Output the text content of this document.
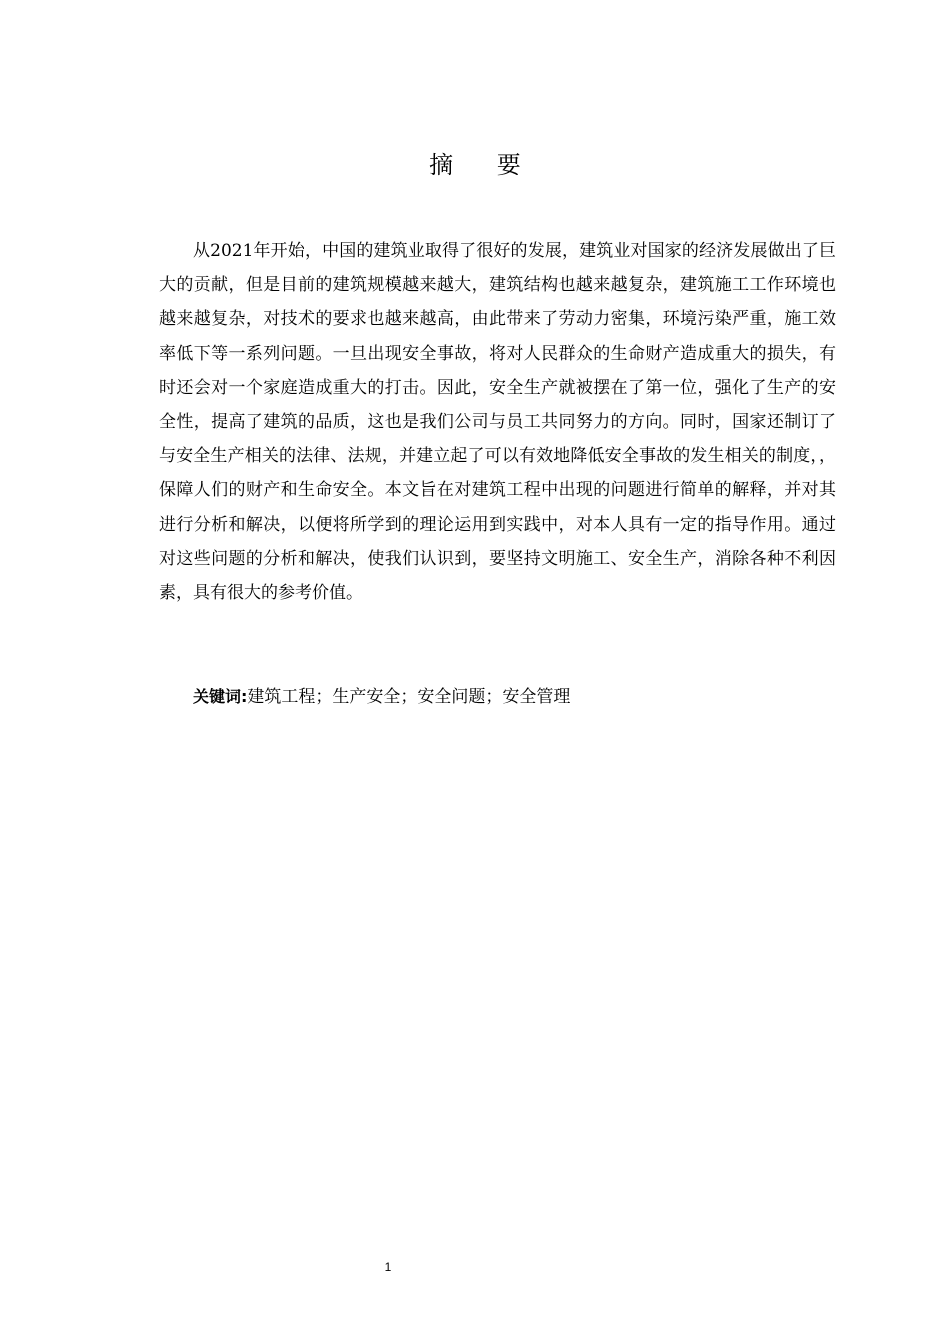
摘 要

从2021年开始，中国的建筑业取得了很好的发展，建筑业对国家的经济发展做出了巨大的贡献，但是目前的建筑规模越来越大，建筑结构也越来越复杂，建筑施工工作环境也越来越复杂，对技术的要求也越来越高，由此带来了劳动力密集，环境污染严重，施工效率低下等一系列问题。一旦出现安全事故，将对人民群众的生命财产造成重大的损失，有时还会对一个家庭造成重大的打击。因此，安全生产就被摆在了第一位，强化了生产的安全性，提高了建筑的品质，这也是我们公司与员工共同努力的方向。同时，国家还制订了与安全生产相关的法律、法规，并建立起了可以有效地降低安全事故的发生相关的制度，，保障人们的财产和生命安全。本文旨在对建筑工程中出现的问题进行简单的解释，并对其进行分析和解决，以便将所学到的理论运用到实践中，对本人具有一定的指导作用。通过对这些问题的分析和解决，使我们认识到，要坚持文明施工、安全生产，消除各种不利因素，具有很大的参考价值。

关键词:建筑工程；生产安全；安全问题；安全管理
1
